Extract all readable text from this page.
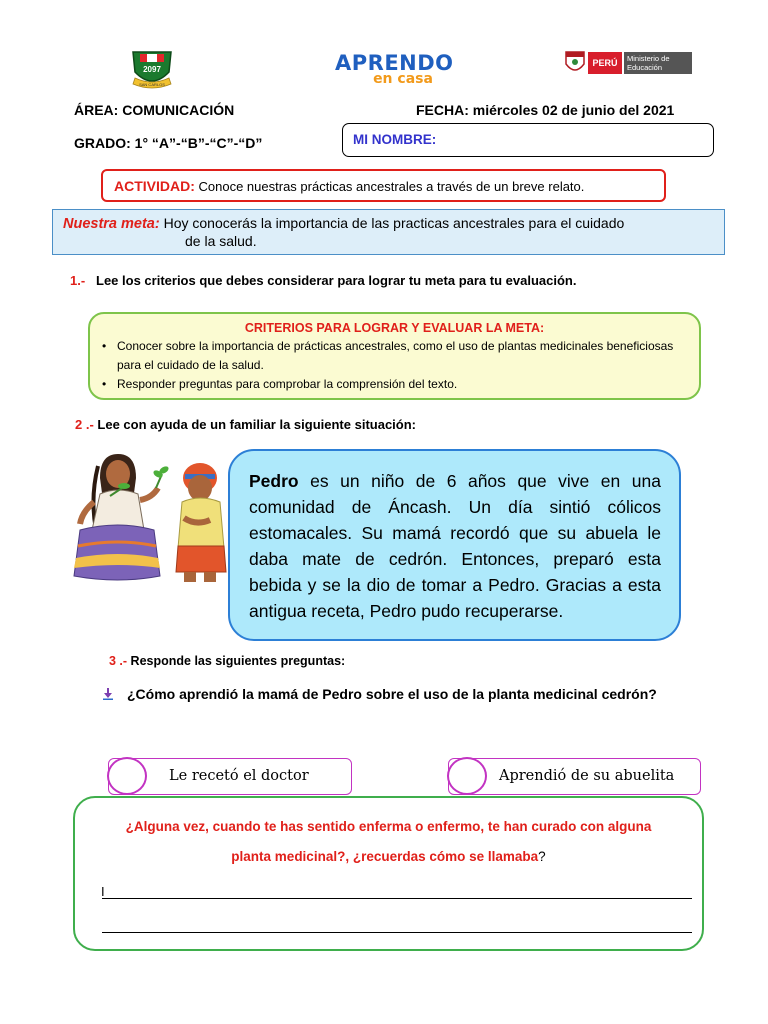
2097
SAN CARLOS
APRENDO
en casa
PERÚ	Ministerio de Educación
ÁREA: COMUNICACIÓN	FECHA: miércoles 02 de junio del 2021
GRADO: 1° “A”-“B”-“C”-“D”	MI NOMBRE:
ACTIVIDAD: Conoce nuestras prácticas ancestrales a través de un breve relato.
Nuestra meta: Hoy conocerás la importancia de las practicas ancestrales para el cuidado
de la salud.
1.- Lee los criterios que debes considerar para lograr tu meta para tu evaluación.
CRITERIOS PARA LOGRAR Y EVALUAR LA META:
• Conocer sobre la importancia de prácticas ancestrales, como el uso de plantas medicinales beneficiosas para el cuidado de la salud.
• Responder preguntas para comprobar la comprensión del texto.
2 .- Lee con ayuda de un familiar la siguiente situación:
Pedro es un niño de 6 años que vive en una comunidad de Áncash. Un día sintió cólicos estomacales. Su mamá recordó que su abuela le daba mate de cedrón. Entonces, preparó esta bebida y se la dio de tomar a Pedro. Gracias a esta antigua receta, Pedro pudo recuperarse.
3 .- Responde las siguientes preguntas:
¿Cómo aprendió la mamá de Pedro sobre el uso de la planta medicinal cedrón?
Le recetó el doctor	Aprendió de su abuelita
¿Alguna vez, cuando te has sentido enferma o enfermo, te han curado con alguna
planta medicinal?, ¿recuerdas cómo se llamaba?
I
